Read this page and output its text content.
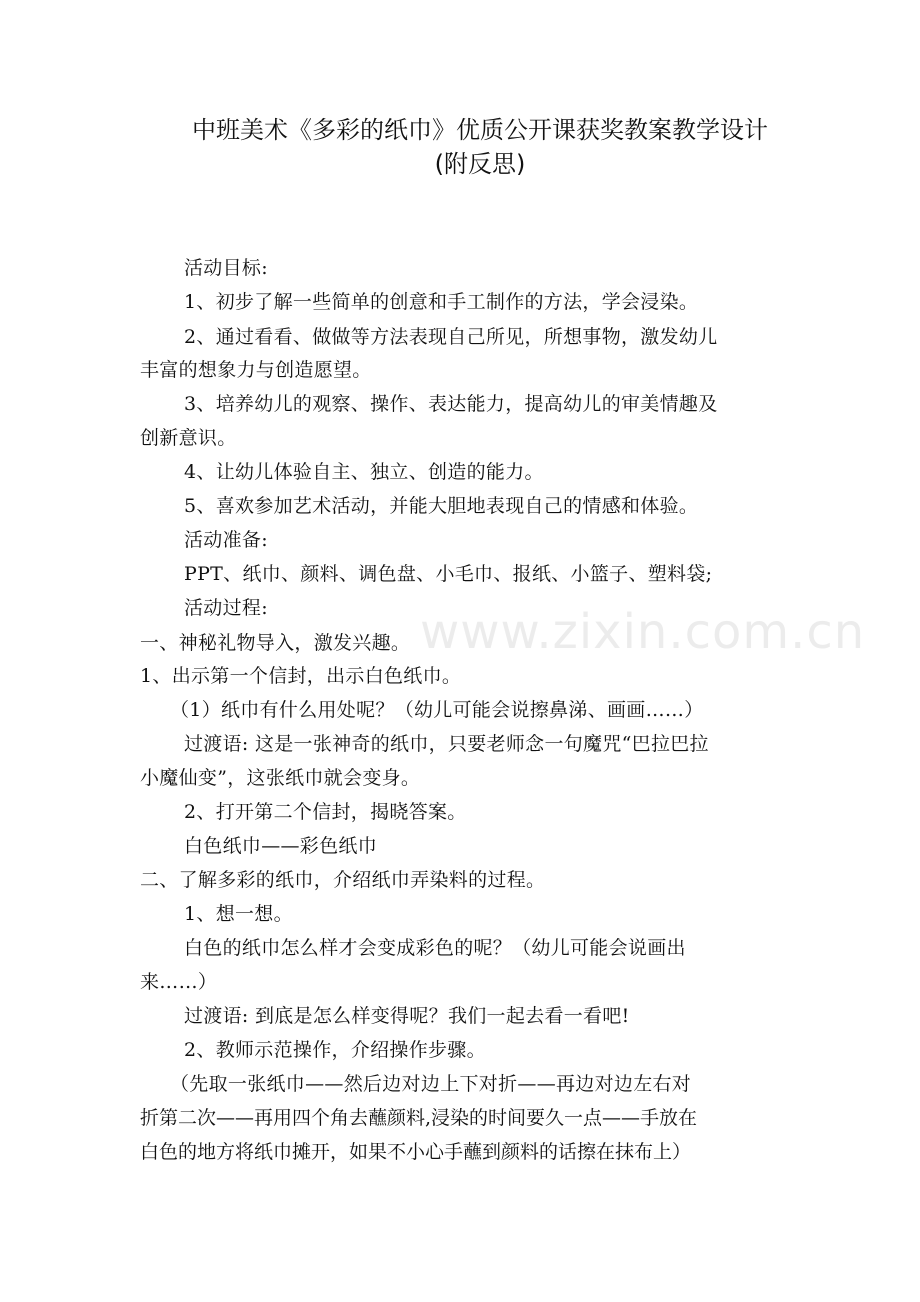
中班美术《多彩的纸巾》优质公开课获奖教案教学设计
(附反思)
www.zixin.com.cn
活动目标:
1、初步了解一些简单的创意和手工制作的方法，学会浸染。
2、通过看看、做做等方法表现自己所见，所想事物，激发幼儿
丰富的想象力与创造愿望。
3、培养幼儿的观察、操作、表达能力，提高幼儿的审美情趣及
创新意识。
4、让幼儿体验自主、独立、创造的能力。
5、喜欢参加艺术活动，并能大胆地表现自己的情感和体验。
活动准备:
PPT、纸巾、颜料、调色盘、小毛巾、报纸、小篮子、塑料袋;
活动过程:
一、神秘礼物导入，激发兴趣。
1、出示第一个信封，出示白色纸巾。
（1）纸巾有什么用处呢？（幼儿可能会说擦鼻涕、画画……）
过渡语: 这是一张神奇的纸巾，只要老师念一句魔咒“巴拉巴拉
小魔仙变”，这张纸巾就会变身。
2、打开第二个信封，揭晓答案。
白色纸巾——彩色纸巾
二、了解多彩的纸巾，介绍纸巾弄染料的过程。
1、想一想。
白色的纸巾怎么样才会变成彩色的呢？（幼儿可能会说画出
来……）
过渡语: 到底是怎么样变得呢？我们一起去看一看吧!
2、教师示范操作，介绍操作步骤。
（先取一张纸巾——然后边对边上下对折——再边对边左右对
折第二次——再用四个角去蘸颜料,浸染的时间要久一点——手放在
白色的地方将纸巾摊开，如果不小心手蘸到颜料的话擦在抹布上）
